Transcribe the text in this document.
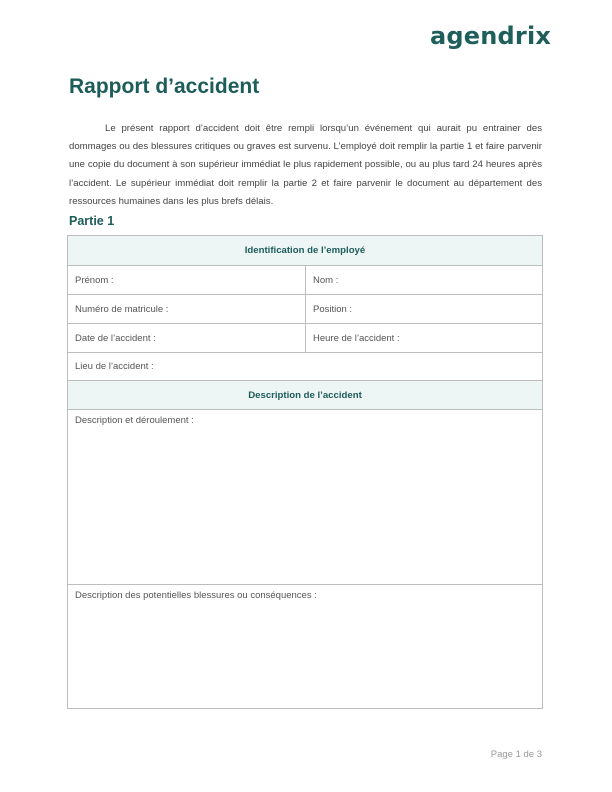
agendrix
Rapport d’accident

Le présent rapport d’accident doit être rempli lorsqu’un événement qui aurait pu entrainer des dommages ou des blessures critiques ou graves est survenu. L’employé doit remplir la partie 1 et faire parvenir une copie du document à son supérieur immédiat le plus rapidement possible, ou au plus tard 24 heures après l’accident. Le supérieur immédiat doit remplir la partie 2 et faire parvenir le document au département des ressources humaines dans les plus brefs délais.

Partie 1
Identification de l’employé
Prénom :	Nom :
Numéro de matricule :	Position :
Date de l’accident :	Heure de l’accident :
Lieu de l’accident :
Description de l’accident
Description et déroulement :
Description des potentielles blessures ou conséquences :
Page 1 de 3
